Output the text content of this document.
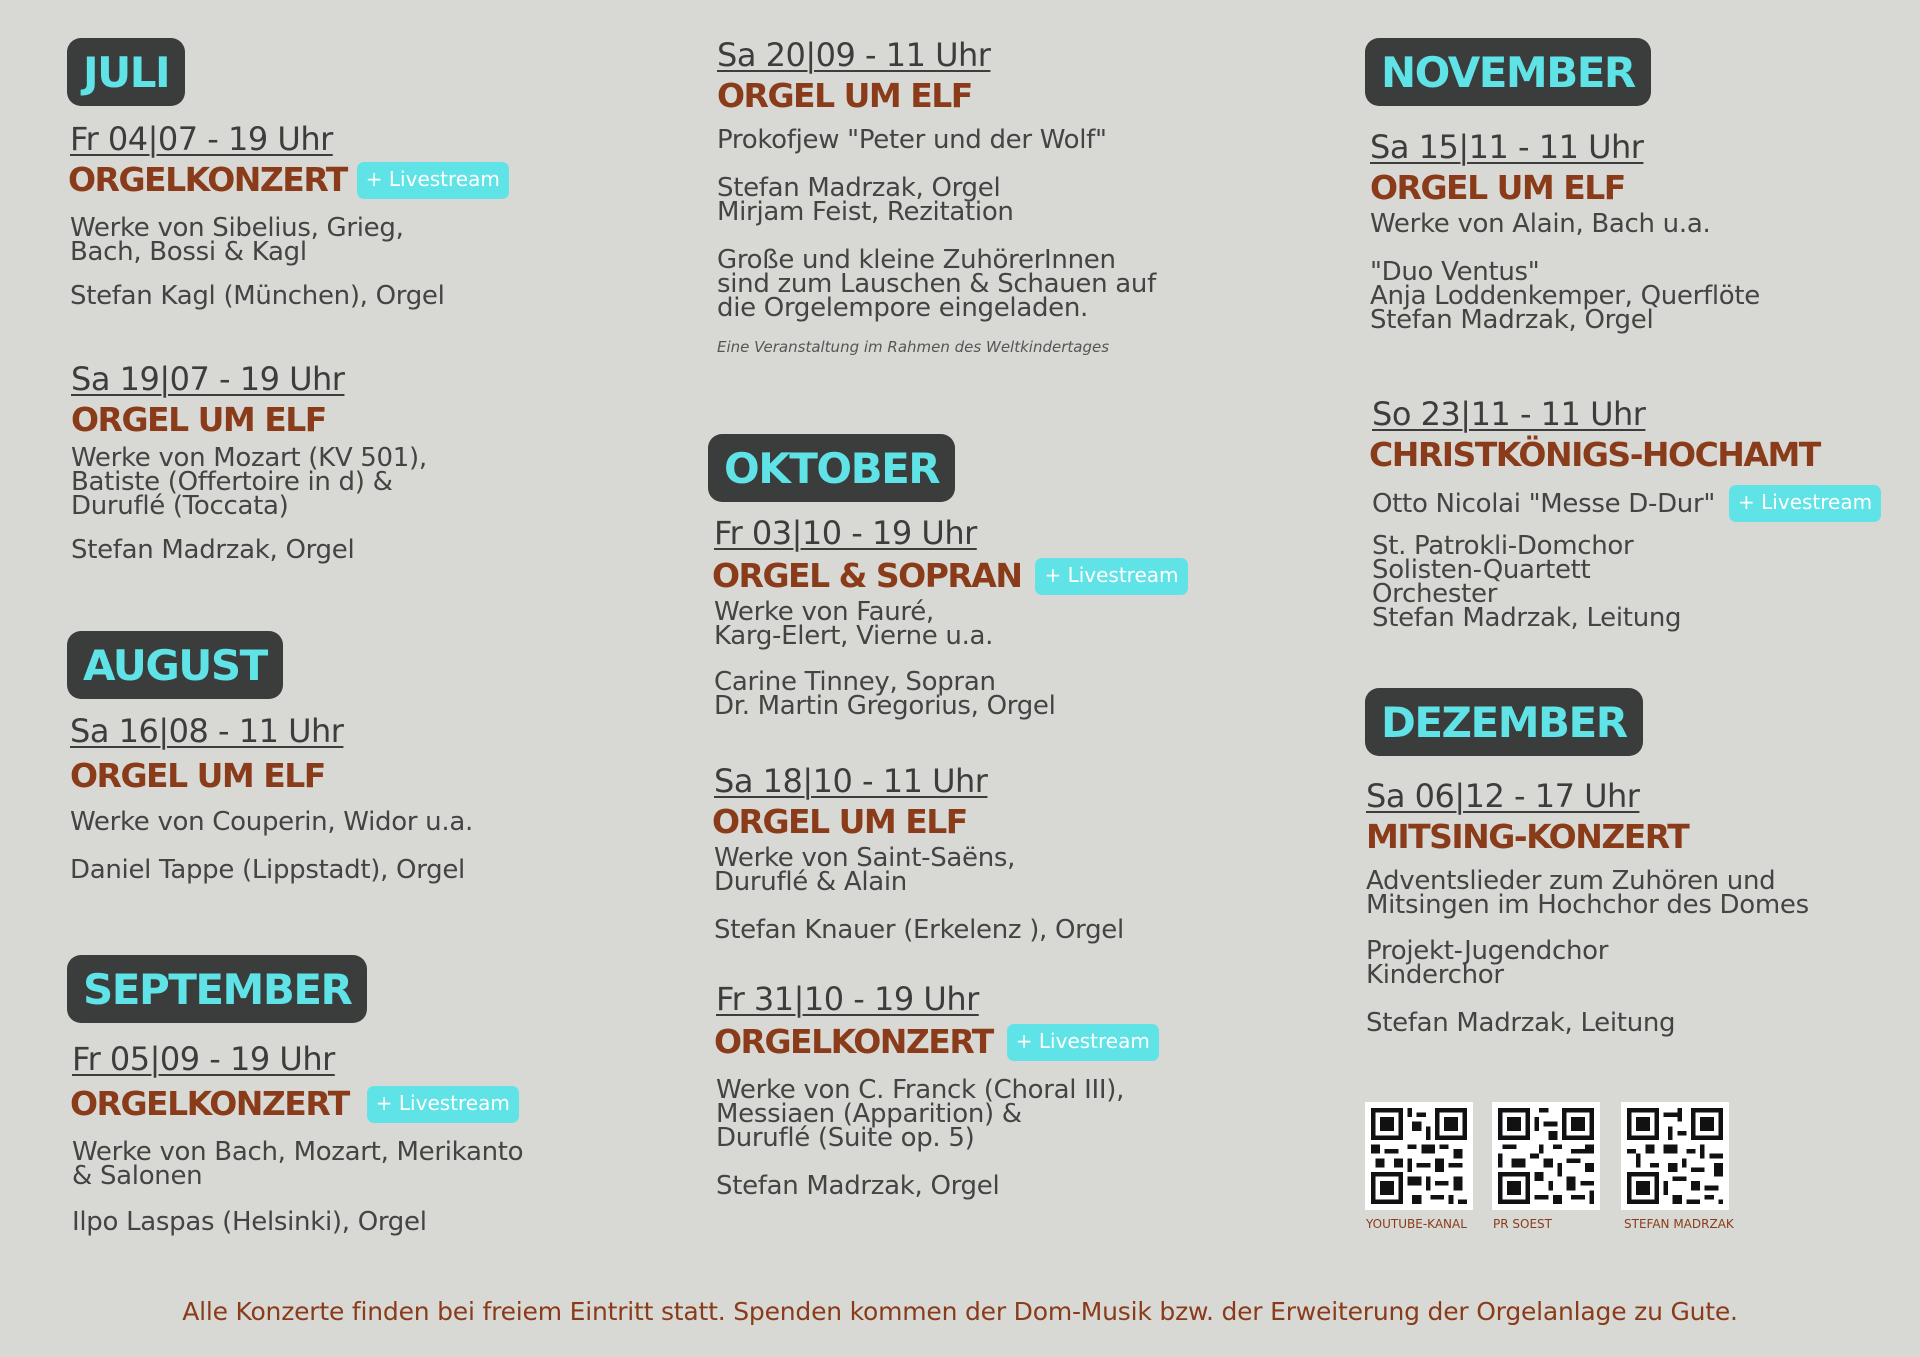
JULI
Fr 04|07 - 19 Uhr
ORGELKONZERT + Livestream
Werke von Sibelius, Grieg,
Bach, Bossi & Kagl
Stefan Kagl (München), Orgel
Sa 19|07 - 19 Uhr
ORGEL UM ELF
Werke von Mozart (KV 501),
Batiste (Offertoire in d) &
Duruflé (Toccata)
Stefan Madrzak, Orgel
AUGUST
Sa 16|08 - 11 Uhr
ORGEL UM ELF
Werke von Couperin, Widor u.a.
Daniel Tappe (Lippstadt), Orgel
SEPTEMBER
Fr 05|09 - 19 Uhr
ORGELKONZERT	+ Livestream
Werke von Bach, Mozart, Merikanto
& Salonen
Ilpo Laspas (Helsinki), Orgel
Sa 20|09 - 11 Uhr
ORGEL UM ELF
Prokofjew "Peter und der Wolf"
Stefan Madrzak, Orgel
Mirjam Feist, Rezitation
Große und kleine ZuhörerInnen
sind zum Lauschen & Schauen auf
die Orgelempore eingeladen.
Eine Veranstaltung im Rahmen des Weltkindertages
OKTOBER
Fr 03|10 - 19 Uhr
ORGEL & SOPRAN	+ Livestream
Werke von Fauré,
Karg-Elert, Vierne u.a.
Carine Tinney, Sopran
Dr. Martin Gregorius, Orgel
Sa 18|10 - 11 Uhr
ORGEL UM ELF
Werke von Saint-Saëns,
Duruflé & Alain
Stefan Knauer (Erkelenz ), Orgel
Fr 31|10 - 19 Uhr
ORGELKONZERT	+ Livestream
Werke von C. Franck (Choral III),
Messiaen (Apparition) &
Duruflé (Suite op. 5)
Stefan Madrzak, Orgel
NOVEMBER
Sa 15|11 - 11 Uhr
ORGEL UM ELF
Werke von Alain, Bach u.a.
"Duo Ventus"
Anja Loddenkemper, Querflöte
Stefan Madrzak, Orgel
So 23|11 - 11 Uhr
CHRISTKÖNIGS-HOCHAMT
Otto Nicolai "Messe D-Dur"	+ Livestream
St. Patrokli-Domchor
Solisten-Quartett
Orchester
Stefan Madrzak, Leitung
DEZEMBER
Sa 06|12 - 17 Uhr
MITSING-KONZERT
Adventslieder zum Zuhören und
Mitsingen im Hochchor des Domes
Projekt-Jugendchor
Kinderchor
Stefan Madrzak, Leitung
YOUTUBE-KANAL PR SOEST	STEFAN MADRZAK
Alle Konzerte finden bei freiem Eintritt statt. Spenden kommen der Dom-Musik bzw. der Erweiterung der Orgelanlage zu Gute.
